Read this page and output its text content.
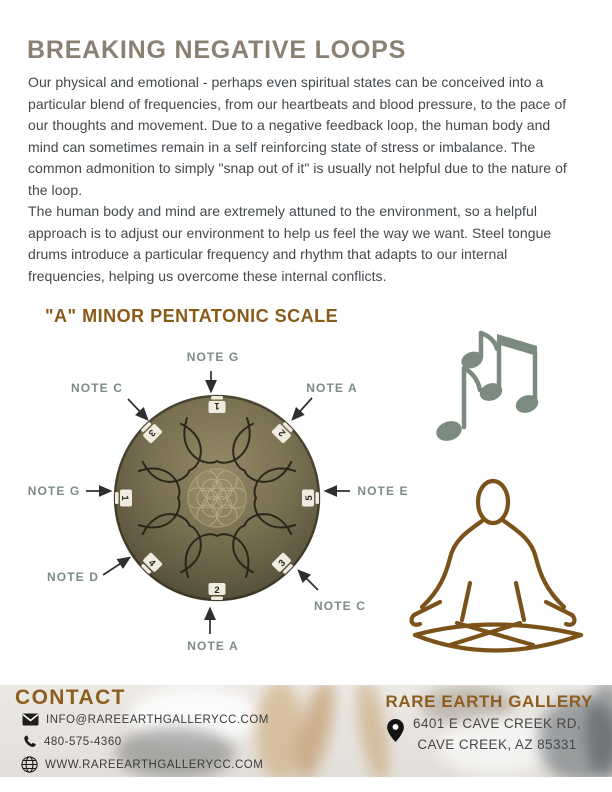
BREAKING NEGATIVE LOOPS
Our physical and emotional - perhaps even spiritual states can be conceived into a
particular blend of frequencies, from our heartbeats and blood pressure, to the pace of
our thoughts and movement. Due to a negative feedback loop, the human body and
mind can sometimes remain in a self reinforcing state of stress or imbalance. The
common admonition to simply "snap out of it" is usually not helpful due to the nature of
the loop.
The human body and mind are extremely attuned to the environment, so a helpful
approach is to adjust our environment to help us feel the way we want. Steel tongue
drums introduce a particular frequency and rhythm that adapts to our internal
frequencies, helping us overcome these internal conflicts.
"A" MINOR PENTATONIC SCALE
1
2
5
3
2
4
1
3
NOTE G
NOTE C	NOTE A
NOTE G	NOTE E
NOTE D
NOTE C
NOTE A
CONTACT
INFO@RAREEARTHGALLERYCC.COM
480-575-4360
WWW.RAREEARTHGALLERYCC.COM
RARE EARTH GALLERY
6401 E CAVE CREEK RD,
CAVE CREEK, AZ 85331
